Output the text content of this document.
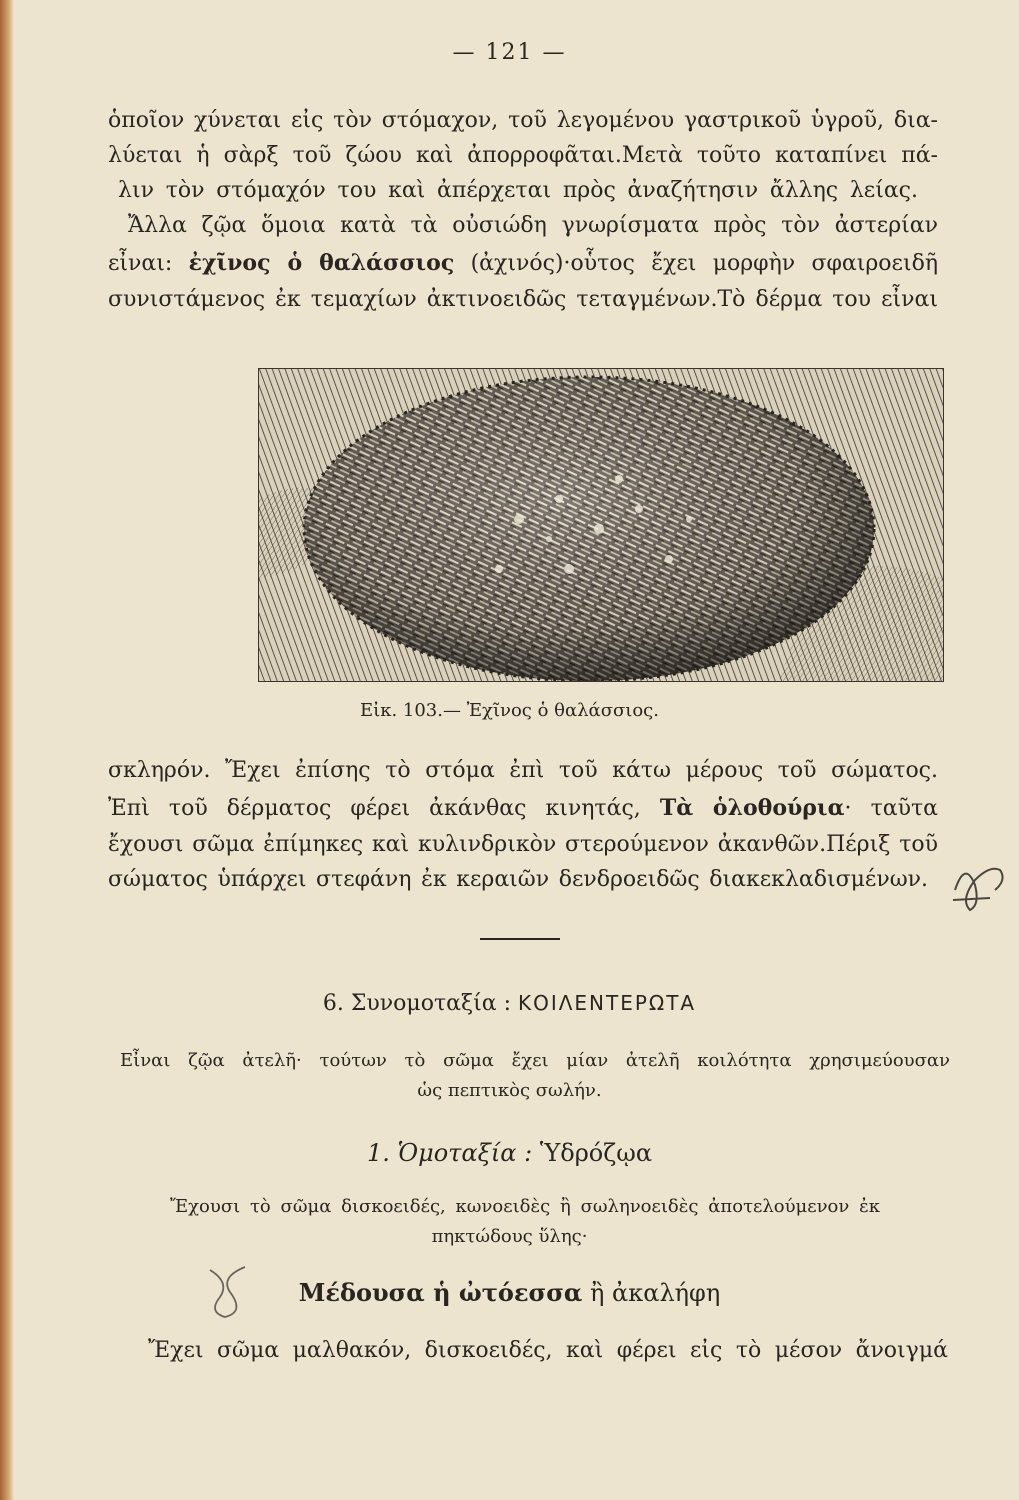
— 121 —
ὁποῖον χύνεται εἰς τὸν στόμαχον, τοῦ λεγομένου γαστρικοῦ ὑγροῦ, δια-
λύεται ἡ σὰρξ τοῦ ζώου καὶ ἀπορροφᾶται.Μετὰ τοῦτο καταπίνει πά-
λιν τὸν στόμαχόν του καὶ ἀπέρχεται πρὸς ἀναζήτησιν ἄλλης λείας.
Ἄλλα ζῷα ὅμοια κατὰ τὰ οὐσιώδη γνωρίσματα πρὸς τὸν ἀστερίαν
εἶναι: ἐχῖνος ὁ θαλάσσιος (ἀχινός)·οὗτος ἔχει μορφὴν σφαιροειδῆ
συνιστάμενος ἐκ τεμαχίων ἀκτινοειδῶς τεταγμένων.Τὸ δέρμα του εἶναι
Εἰκ. 103.— Ἐχῖνος ὁ θαλάσσιος.
σκληρόν. Ἔχει ἐπίσης τὸ στόμα ἐπὶ τοῦ κάτω μέρους τοῦ σώματος.
Ἐπὶ τοῦ δέρματος φέρει ἀκάνθας κινητάς, Τὰ ὁλοθούρια· ταῦτα
ἔχουσι σῶμα ἐπίμηκες καὶ κυλινδρικὸν στερούμενον ἀκανθῶν.Πέριξ τοῦ
σώματος ὑπάρχει στεφάνη ἐκ κεραιῶν δενδροειδῶς διακεκλαδισμένων.
6. Συνομοταξία : ΚΟΙΛΕΝΤΕΡΩΤΑ
Εἶναι ζῷα ἀτελῆ· τούτων τὸ σῶμα ἔχει μίαν ἀτελῆ κοιλότητα χρησιμεύουσαν
ὡς πεπτικὸς σωλήν.
1. Ὁμοταξία : Ὑδρόζῳα
Ἔχουσι τὸ σῶμα δισκοειδές, κωνοειδὲς ἢ σωληνοειδὲς ἀποτελούμενον ἐκ
πηκτώδους ὕλης·
Μέδουσα ἡ ὠτόεσσα ἢ ἀκαλήφη
Ἔχει σῶμα μαλθακόν, δισκοειδές, καὶ φέρει εἰς τὸ μέσον ἄνοιγμά
